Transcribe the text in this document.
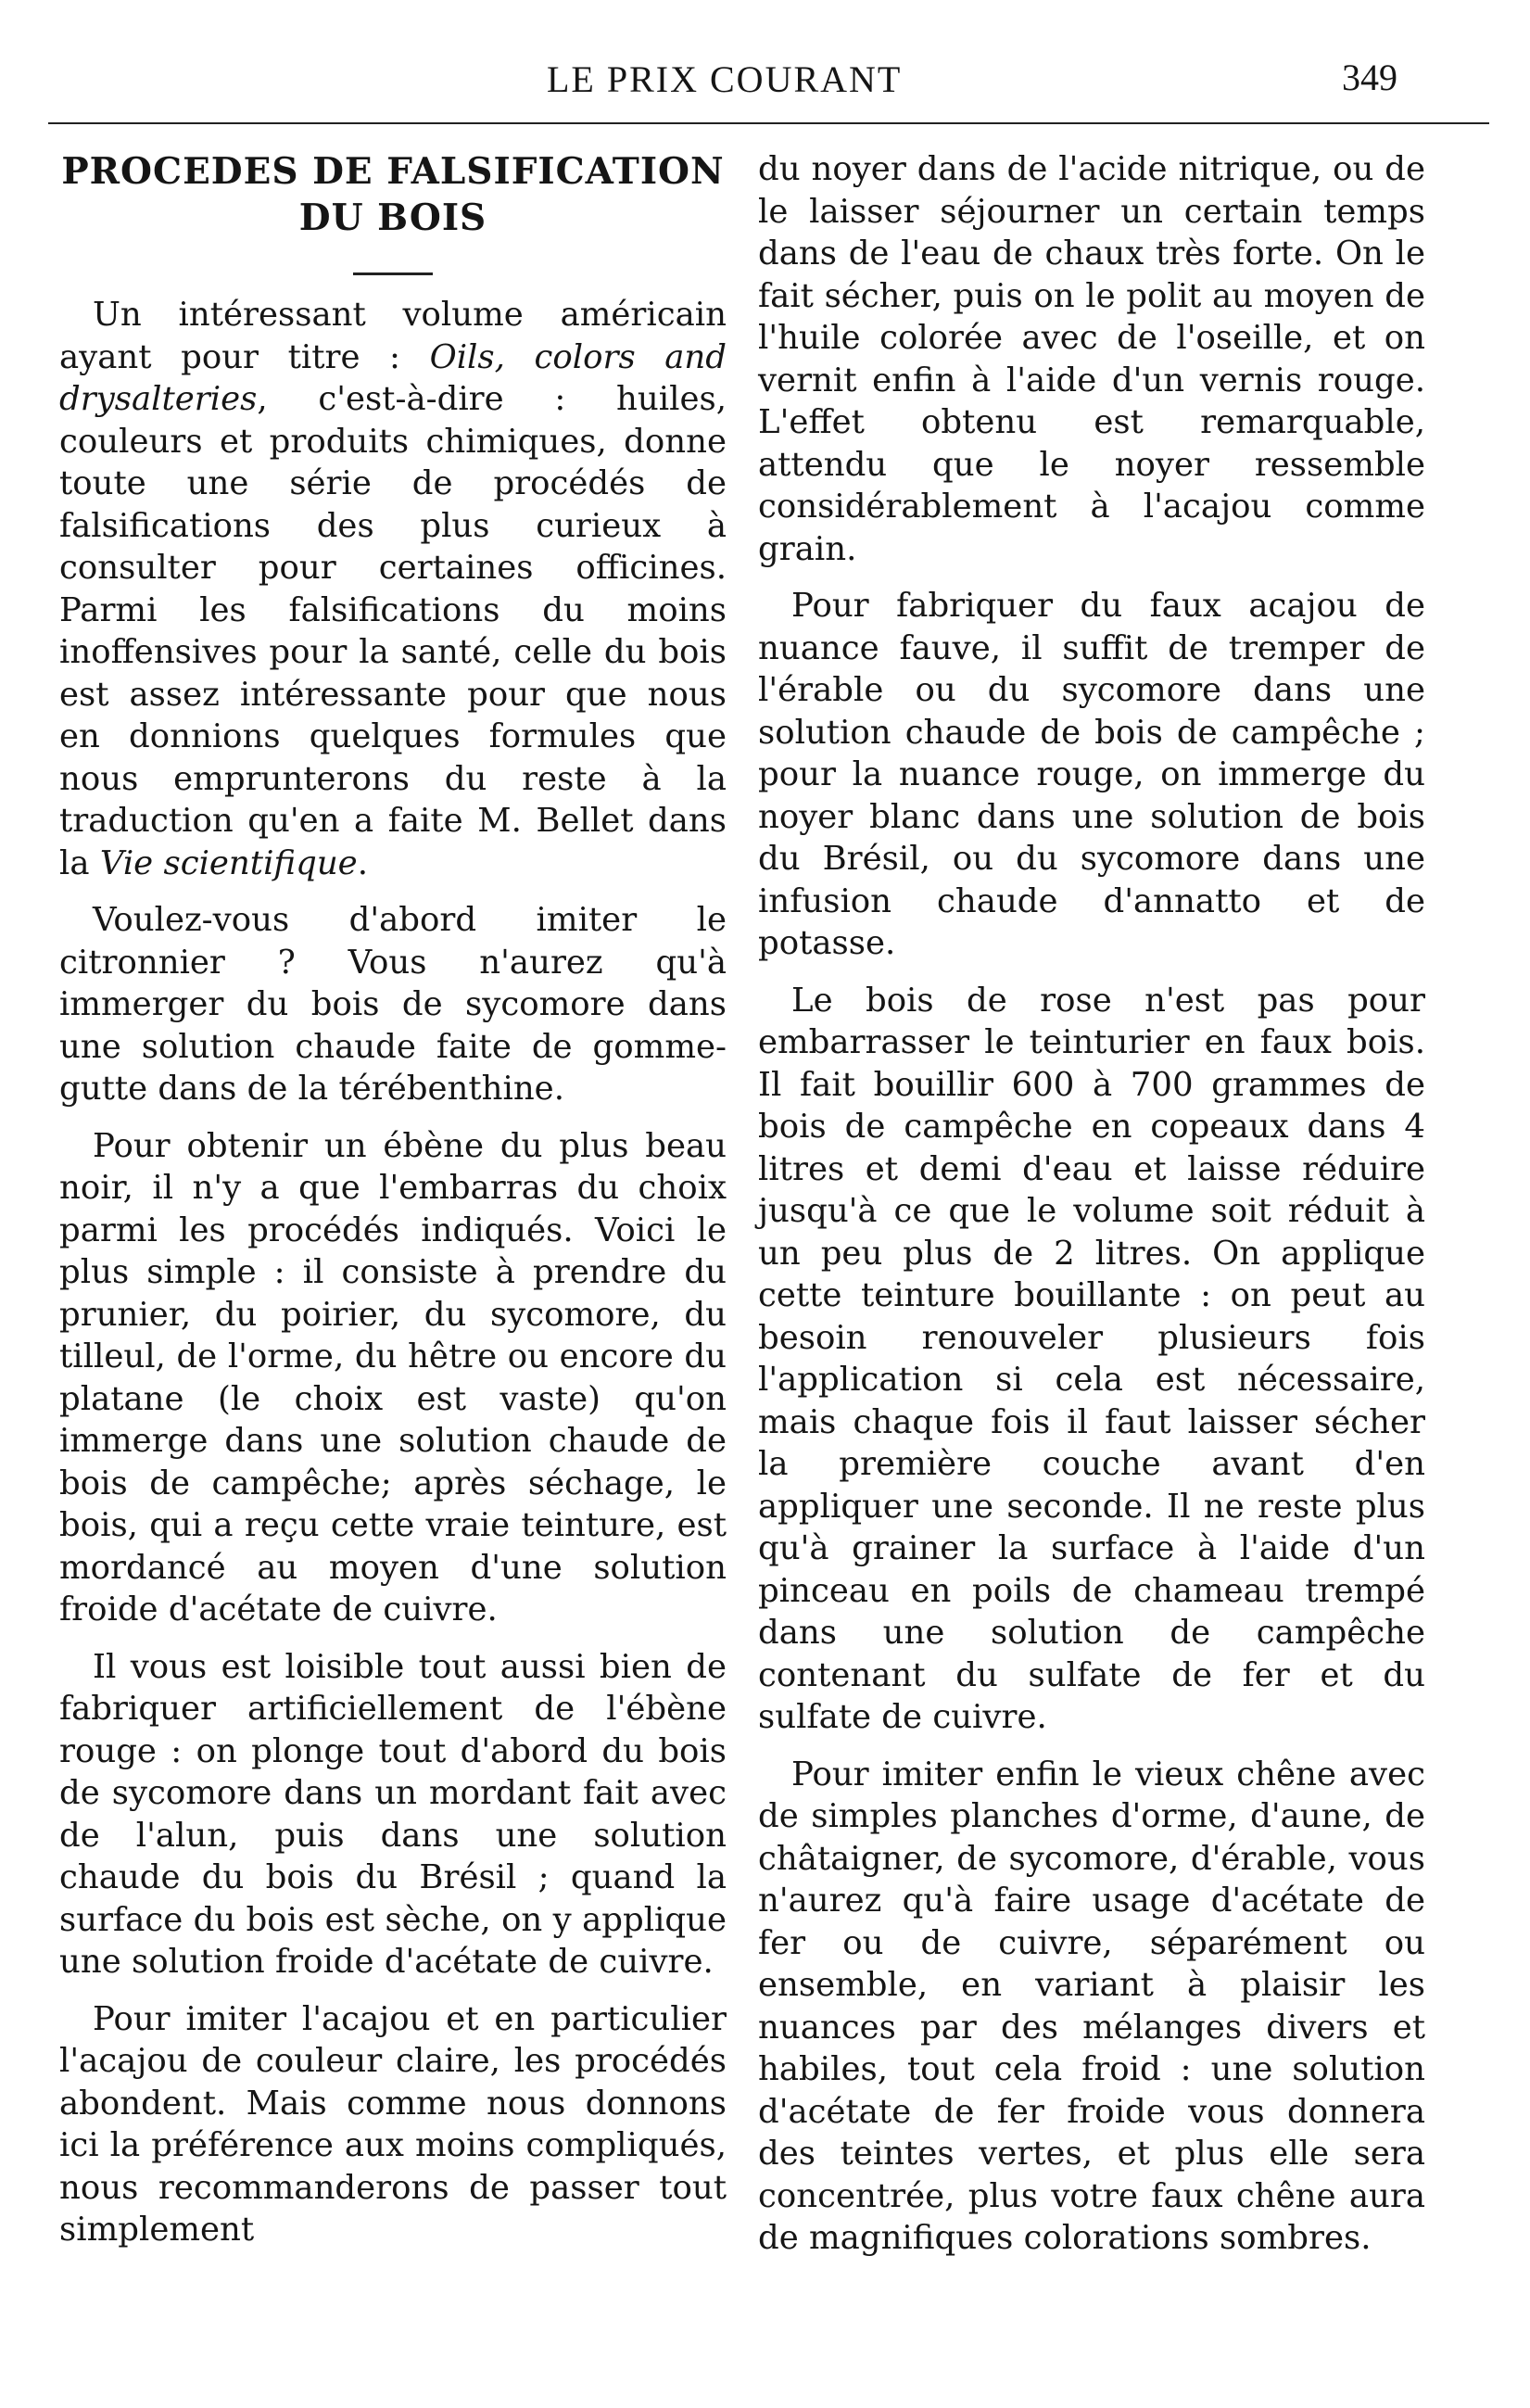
LE PRIX COURANT	349
PROCEDES DE FALSIFICATION
DU BOIS

Un intéressant volume américain ayant pour titre : Oils, colors and drysalteries, c'est-à-dire : huiles, couleurs et produits chimiques, donne toute une série de procédés de falsifications des plus curieux à consulter pour certaines officines. Parmi les falsifications du moins inoffensives pour la santé, celle du bois est assez intéressante pour que nous en donnions quelques formules que nous emprunterons du reste à la traduction qu'en a faite M. Bellet dans la Vie scientifique.

Voulez-vous d'abord imiter le citronnier ? Vous n'aurez qu'à immerger du bois de sycomore dans une solution chaude faite de gomme-gutte dans de la térébenthine.

Pour obtenir un ébène du plus beau noir, il n'y a que l'embarras du choix parmi les procédés indiqués. Voici le plus simple : il consiste à prendre du prunier, du poirier, du sycomore, du tilleul, de l'orme, du hêtre ou encore du platane (le choix est vaste) qu'on immerge dans une solution chaude de bois de campêche; après séchage, le bois, qui a reçu cette vraie teinture, est mordancé au moyen d'une solution froide d'acétate de cuivre.

Il vous est loisible tout aussi bien de fabriquer artificiellement de l'ébène rouge : on plonge tout d'abord du bois de sycomore dans un mordant fait avec de l'alun, puis dans une solution chaude du bois du Brésil ; quand la surface du bois est sèche, on y applique une solution froide d'acétate de cuivre.

Pour imiter l'acajou et en particulier l'acajou de couleur claire, les procédés abondent. Mais comme nous donnons ici la préférence aux moins compliqués, nous recommanderons de passer tout simplement

du noyer dans de l'acide nitrique, ou de le laisser séjourner un certain temps dans de l'eau de chaux très forte. On le fait sécher, puis on le polit au moyen de l'huile colorée avec de l'oseille, et on vernit enfin à l'aide d'un vernis rouge. L'effet obtenu est remarquable, attendu que le noyer ressemble considérablement à l'acajou comme grain.

Pour fabriquer du faux acajou de nuance fauve, il suffit de tremper de l'érable ou du sycomore dans une solution chaude de bois de campêche ; pour la nuance rouge, on immerge du noyer blanc dans une solution de bois du Brésil, ou du sycomore dans une infusion chaude d'annatto et de potasse.

Le bois de rose n'est pas pour embarrasser le teinturier en faux bois. Il fait bouillir 600 à 700 grammes de bois de campêche en copeaux dans 4 litres et demi d'eau et laisse réduire jusqu'à ce que le volume soit réduit à un peu plus de 2 litres. On applique cette teinture bouillante : on peut au besoin renouveler plusieurs fois l'application si cela est nécessaire, mais chaque fois il faut laisser sécher la première couche avant d'en appliquer une seconde. Il ne reste plus qu'à grainer la surface à l'aide d'un pinceau en poils de chameau trempé dans une solution de campêche contenant du sulfate de fer et du sulfate de cuivre.

Pour imiter enfin le vieux chêne avec de simples planches d'orme, d'aune, de châtaigner, de sycomore, d'érable, vous n'aurez qu'à faire usage d'acétate de fer ou de cuivre, séparément ou ensemble, en variant à plaisir les nuances par des mélanges divers et habiles, tout cela froid : une solution d'acétate de fer froide vous donnera des teintes vertes, et plus elle sera concentrée, plus votre faux chêne aura de magnifiques colorations sombres.
